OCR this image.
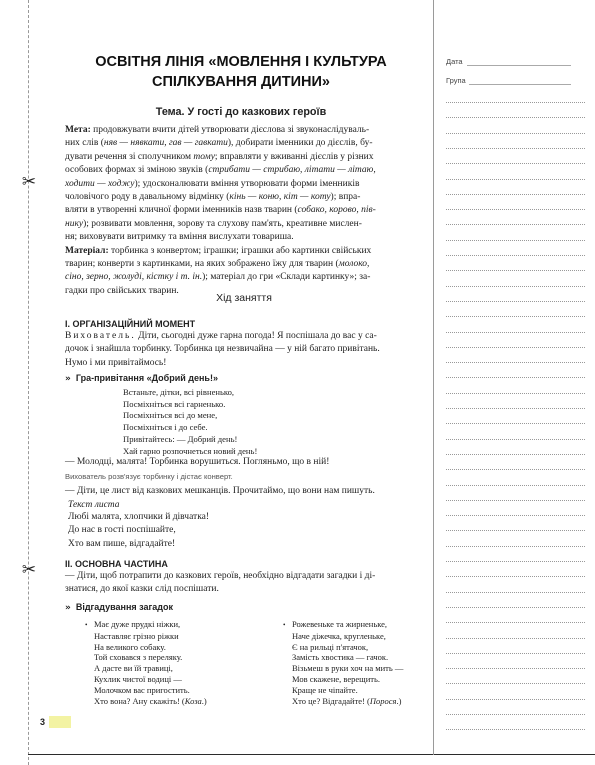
✂
✂
Дата
Група
ОСВІТНЯ ЛІНІЯ «МОВЛЕННЯ І КУЛЬТУРА
СПІЛКУВАННЯ ДИТИНИ»
Тема. У гості до казкових героїв
Мета: продовжувати вчити дітей утворювати дієслова зі звуконаслідуваль-
них слів (няв — нявкати, гав — гавкати), добирати іменники до дієслів, бу-
дувати речення зі сполучником тому; вправляти у вживанні дієслів у різних
особових формах зі зміною звуків (стрибати — стрибаю, літати — літаю,
ходити — ходжу); удосконалювати вміння утворювати форми іменників
чоловічого роду в давальному відмінку (кінь — коню, кіт — коту); впра-
вляти в утворенні кличної форми іменників назв тварин (собако, корово, пів-
нику); розвивати мовлення, зорову та слухову пам'ять, креативне мислен-
ня; виховувати витримку та вміння вислухати товариша.
Матеріал: торбинка з конвертом; іграшки; іграшки або картинки свійських
тварин; конверти з картинками, на яких зображено їжу для тварин (молоко,
сіно, зерно, жолуді, кістку і т. ін.); матеріал до гри «Склади картинку»; за-
гадки про свійських тварин.
Хід заняття
I. ОРГАНІЗАЦІЙНИЙ МОМЕНТ
Вихователь. Діти, сьогодні дуже гарна погода! Я поспішала до вас у са-
дочок і знайшла торбинку. Торбинка ця незвичайна — у ній багато привітань.
Нумо і ми привітаймось!
» Гра-привітання «Добрий день!»
Встаньте, дітки, всі рівненько,
Посміхніться всі гарненько.
Посміхніться всі до мене,
Посміхніться і до себе.
Привітайтесь: — Добрий день!
Хай гарно розпочнеться новий день!
— Молодці, малята! Торбинка ворушиться. Погляньмо, що в ній!
Вихователь розв'язує торбинку і дістає конверт.
— Діти, це лист від казкових мешканців. Прочитаймо, що вони нам пишуть.
Текст листа
Любі малята, хлопчики й дівчатка!
До нас в гості поспішайте,
Хто вам пише, відгадайте!
II. ОСНОВНА ЧАСТИНА
— Діти, щоб потрапити до казкових героїв, необхідно відгадати загадки і ді-
знатися, до якої казки слід поспішати.
» Відгадування загадок
• Має дуже прудкі ніжки,
Наставляє грізно ріжки
На великого собаку.
Той сховався з переляку.
А дасте ви їй травиці,
Кухлик чистої водиці —
Молочком вас пригостить.
Хто вона? Ану скажіть! (Коза.)
• Рожевеньке та жирненьке,
Наче діжечка, кругленьке,
Є на рильці п'ятачок,
Замість хвостика — гачок.
Візьмеш в руки хоч на мить —
Мов скажене, верещить.
Краще не чіпайте.
Хто це? Відгадайте! (Порося.)
3
